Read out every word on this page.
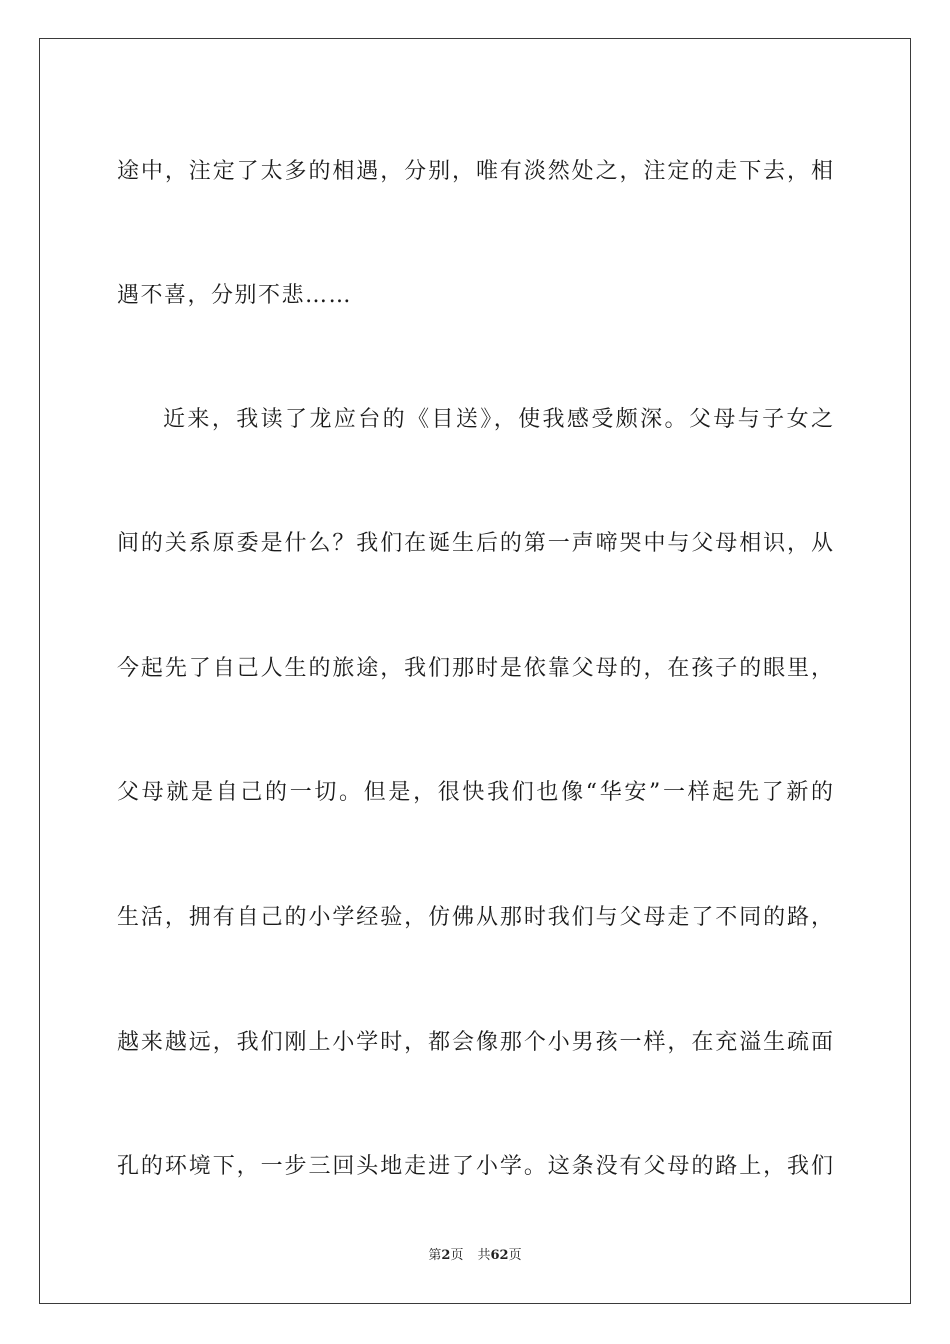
途中，注定了太多的相遇，分别，唯有淡然处之，注定的走下去，相

遇不喜，分别不悲……

近来，我读了龙应台的《目送》，使我感受颇深。父母与子女之

间的关系原委是什么？我们在诞生后的第一声啼哭中与父母相识，从

今起先了自己人生的旅途，我们那时是依靠父母的，在孩子的眼里，

父母就是自己的一切。但是，很快我们也像“华安”一样起先了新的

生活，拥有自己的小学经验，仿佛从那时我们与父母走了不同的路，

越来越远，我们刚上小学时，都会像那个小男孩一样，在充溢生疏面

孔的环境下，一步三回头地走进了小学。这条没有父母的路上，我们

第2页 共62页
